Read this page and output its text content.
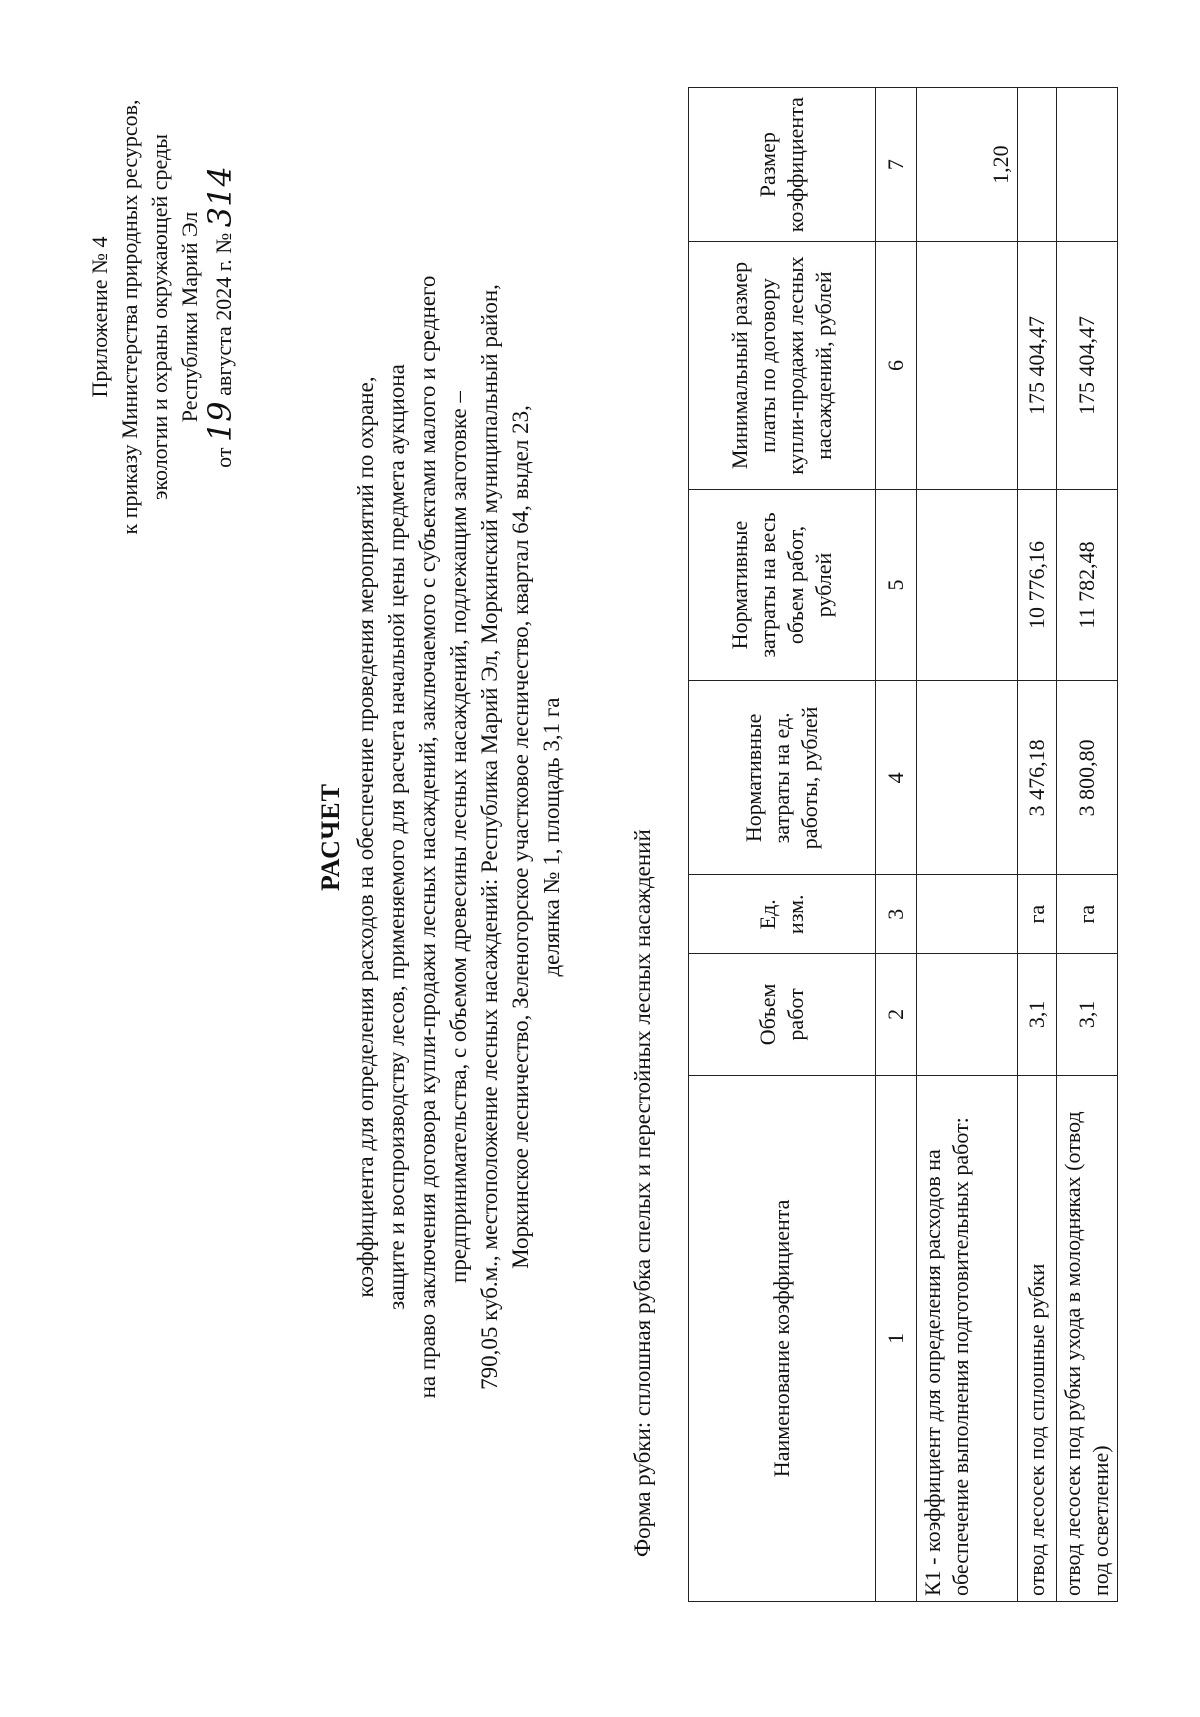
Приложение № 4 к приказу Министерства природных ресурсов, экологии и охраны окружающей среды Республики Марий Эл
от 19 августа 2024 г. № 314
РАСЧЕТ коэффициента для определения расходов на обеспечение проведения мероприятий по охране, защите и воспроизводству лесов, применяемого для расчета начальной цены предмета аукциона на право заключения договора купли-продажи лесных насаждений, заключаемого с субъектами малого и среднего предпринимательства, с объемом древесины лесных насаждений, подлежащим заготовке – 790,05 куб.м., местоположение лесных насаждений: Республика Марий Эл, Моркинский муниципальный район, Моркинское лесничество, Зеленогорское участковое лесничество, квартал 64, выдел 23, делянка № 1, площадь 3,1 га	Форма рубки: сплошная рубка спелых и перестойных лесных насаждений	Наименование коэффициента	Объем работ	Ед. изм.	Нормативные затраты на ед. работы, рублей	Нормативные затраты на весь объем работ, рублей	Минимальный размер платы по договору купли-продажи лесных насаждений, рублей	Размер коэффициента
1	2	3	4	5	6	7
К1 - коэффициент для определения расходов на обеспечение выполнения подготовительных работ:						1,20
отвод лесосек под сплошные рубки	3,1	га	3 476,18	10 776,16	175 404,47	
отвод лесосек под рубки ухода в молодняках (отвод под осветление)	3,1	га	3 800,80	11 782,48	175 404,47	
